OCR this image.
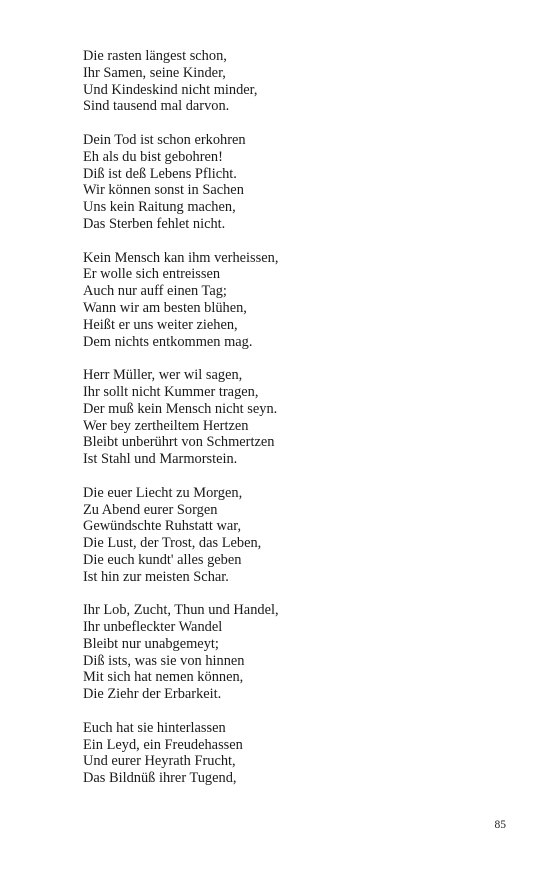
Die rasten längest schon,
Ihr Samen, seine Kinder,
Und Kindeskind nicht minder,
Sind tausend mal darvon.
Dein Tod ist schon erkohren
Eh als du bist gebohren!
Diß ist deß Lebens Pflicht.
Wir können sonst in Sachen
Uns kein Raitung machen,
Das Sterben fehlet nicht.
Kein Mensch kan ihm verheissen,
Er wolle sich entreissen
Auch nur auff einen Tag;
Wann wir am besten blühen,
Heißt er uns weiter ziehen,
Dem nichts entkommen mag.
Herr Müller, wer wil sagen,
Ihr sollt nicht Kummer tragen,
Der muß kein Mensch nicht seyn.
Wer bey zertheiltem Hertzen
Bleibt unberührt von Schmertzen
Ist Stahl und Marmorstein.
Die euer Liecht zu Morgen,
Zu Abend eurer Sorgen
Gewündschte Ruhstatt war,
Die Lust, der Trost, das Leben,
Die euch kundt' alles geben
Ist hin zur meisten Schar.
Ihr Lob, Zucht, Thun und Handel,
Ihr unbefleckter Wandel
Bleibt nur unabgemeyt;
Diß ists, was sie von hinnen
Mit sich hat nemen können,
Die Ziehr der Erbarkeit.
Euch hat sie hinterlassen
Ein Leyd, ein Freudehassen
Und eurer Heyrath Frucht,
Das Bildnüß ihrer Tugend,
85
